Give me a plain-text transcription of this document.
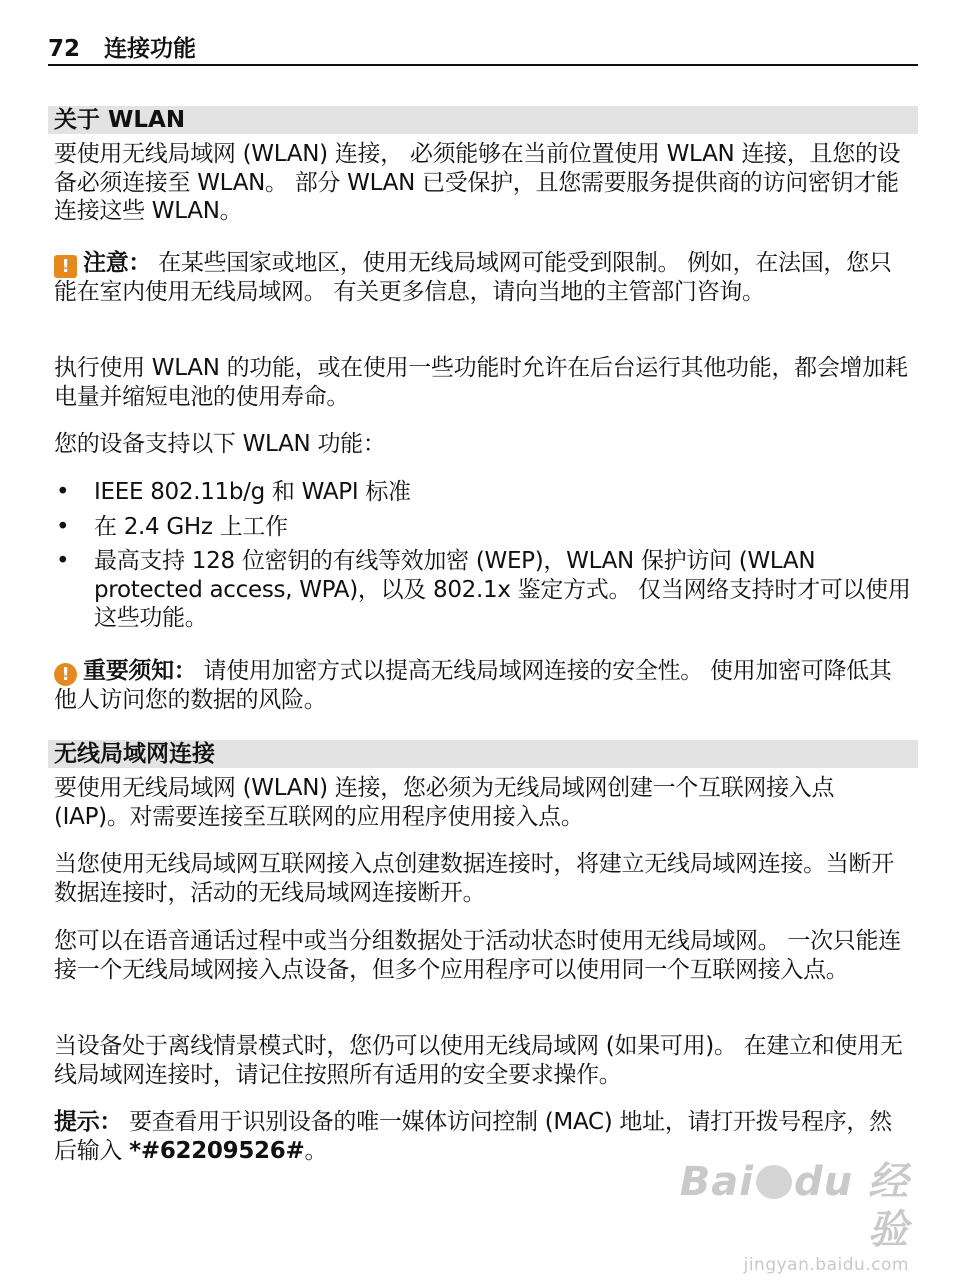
72 连接功能
关于 WLAN

要使用无线局域网 (WLAN) 连接， 必须能够在当前位置使用 WLAN 连接，且您的设备必须连接至 WLAN。 部分 WLAN 已受保护，且您需要服务提供商的访问密钥才能连接这些 WLAN。

! 注意： 在某些国家或地区，使用无线局域网可能受到限制。 例如，在法国，您只能在室内使用无线局域网。 有关更多信息，请向当地的主管部门咨询。

执行使用 WLAN 的功能，或在使用一些功能时允许在后台运行其他功能，都会增加耗电量并缩短电池的使用寿命。

您的设备支持以下 WLAN 功能：

• IEEE 802.11b/g 和 WAPI 标准
• 在 2.4 GHz 上工作
• 最高支持 128 位密钥的有线等效加密 (WEP)，WLAN 保护访问 (WLAN protected access, WPA)，以及 802.1x 鉴定方式。 仅当网络支持时才可以使用这些功能。

! 重要须知： 请使用加密方式以提高无线局域网连接的安全性。 使用加密可降低其他人访问您的数据的风险。

无线局域网连接

要使用无线局域网 (WLAN) 连接，您必须为无线局域网创建一个互联网接入点 (IAP)。对需要连接至互联网的应用程序使用接入点。

当您使用无线局域网互联网接入点创建数据连接时，将建立无线局域网连接。当断开数据连接时，活动的无线局域网连接断开。

您可以在语音通话过程中或当分组数据处于活动状态时使用无线局域网。 一次只能连接一个无线局域网接入点设备，但多个应用程序可以使用同一个互联网接入点。

当设备处于离线情景模式时，您仍可以使用无线局域网 (如果可用)。 在建立和使用无线局域网连接时，请记住按照所有适用的安全要求操作。

提示： 要查看用于识别设备的唯一媒体访问控制 (MAC) 地址，请打开拨号程序，然后输入 *#62209526#。

Bai du 经验
jingyan.baidu.com
